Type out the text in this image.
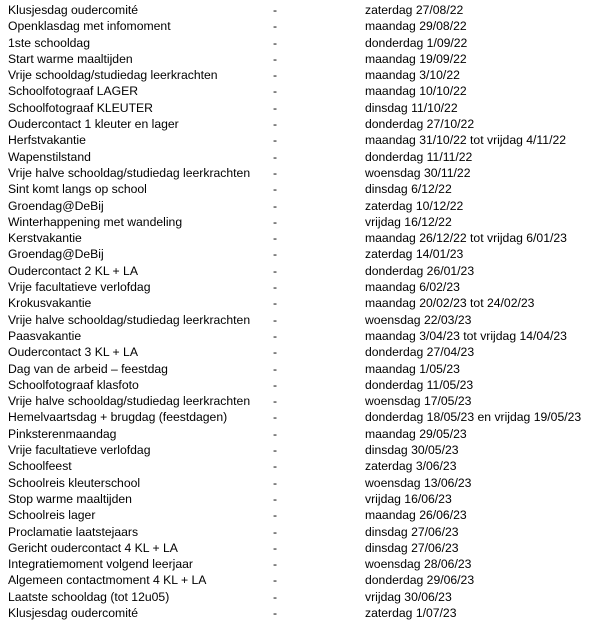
Klusjesdag oudercomité	-	zaterdag 27/08/22
Openklasdag met infomoment	-	maandag 29/08/22
1ste schooldag	-	donderdag 1/09/22
Start warme maaltijden	-	maandag 19/09/22
Vrije schooldag/studiedag leerkrachten	-	maandag 3/10/22
Schoolfotograaf LAGER	-	maandag 10/10/22
Schoolfotograaf KLEUTER	-	dinsdag 11/10/22
Oudercontact 1 kleuter en lager	-	donderdag 27/10/22
Herfstvakantie	-	maandag 31/10/22 tot vrijdag 4/11/22
Wapenstilstand	-	donderdag 11/11/22
Vrije halve schooldag/studiedag leerkrachten -	woensdag 30/11/22
Sint komt langs op school	-	dinsdag 6/12/22
Groendag@DeBij	-	zaterdag 10/12/22
Winterhappening met wandeling	-	vrijdag 16/12/22
Kerstvakantie	-	maandag 26/12/22 tot vrijdag 6/01/23
Groendag@DeBij	-	zaterdag 14/01/23
Oudercontact 2 KL + LA	-	donderdag 26/01/23
Vrije facultatieve verlofdag	-	maandag 6/02/23
Krokusvakantie	-	maandag 20/02/23 tot 24/02/23
Vrije halve schooldag/studiedag leerkrachten -	woensdag 22/03/23
Paasvakantie	-	maandag 3/04/23 tot vrijdag 14/04/23
Oudercontact 3 KL + LA	-	donderdag 27/04/23
Dag van de arbeid – feestdag	-	maandag 1/05/23
Schoolfotograaf klasfoto	-	donderdag 11/05/23
Vrije halve schooldag/studiedag leerkrachten -	woensdag 17/05/23
Hemelvaartsdag + brugdag (feestdagen)	-	donderdag 18/05/23 en vrijdag 19/05/23
Pinksterenmaandag	-	maandag 29/05/23
Vrije facultatieve verlofdag	-	dinsdag 30/05/23
Schoolfeest	-	zaterdag 3/06/23
Schoolreis kleuterschool	-	woensdag 13/06/23
Stop warme maaltijden	-	vrijdag 16/06/23
Schoolreis lager	-	maandag 26/06/23
Proclamatie laatstejaars	-	dinsdag 27/06/23
Gericht oudercontact 4 KL + LA	-	dinsdag 27/06/23
Integratiemoment volgend leerjaar	-	woensdag 28/06/23
Algemeen contactmoment 4 KL + LA	-	donderdag 29/06/23
Laatste schooldag (tot 12u05)	-	vrijdag 30/06/23
Klusjesdag oudercomité	-	zaterdag 1/07/23
